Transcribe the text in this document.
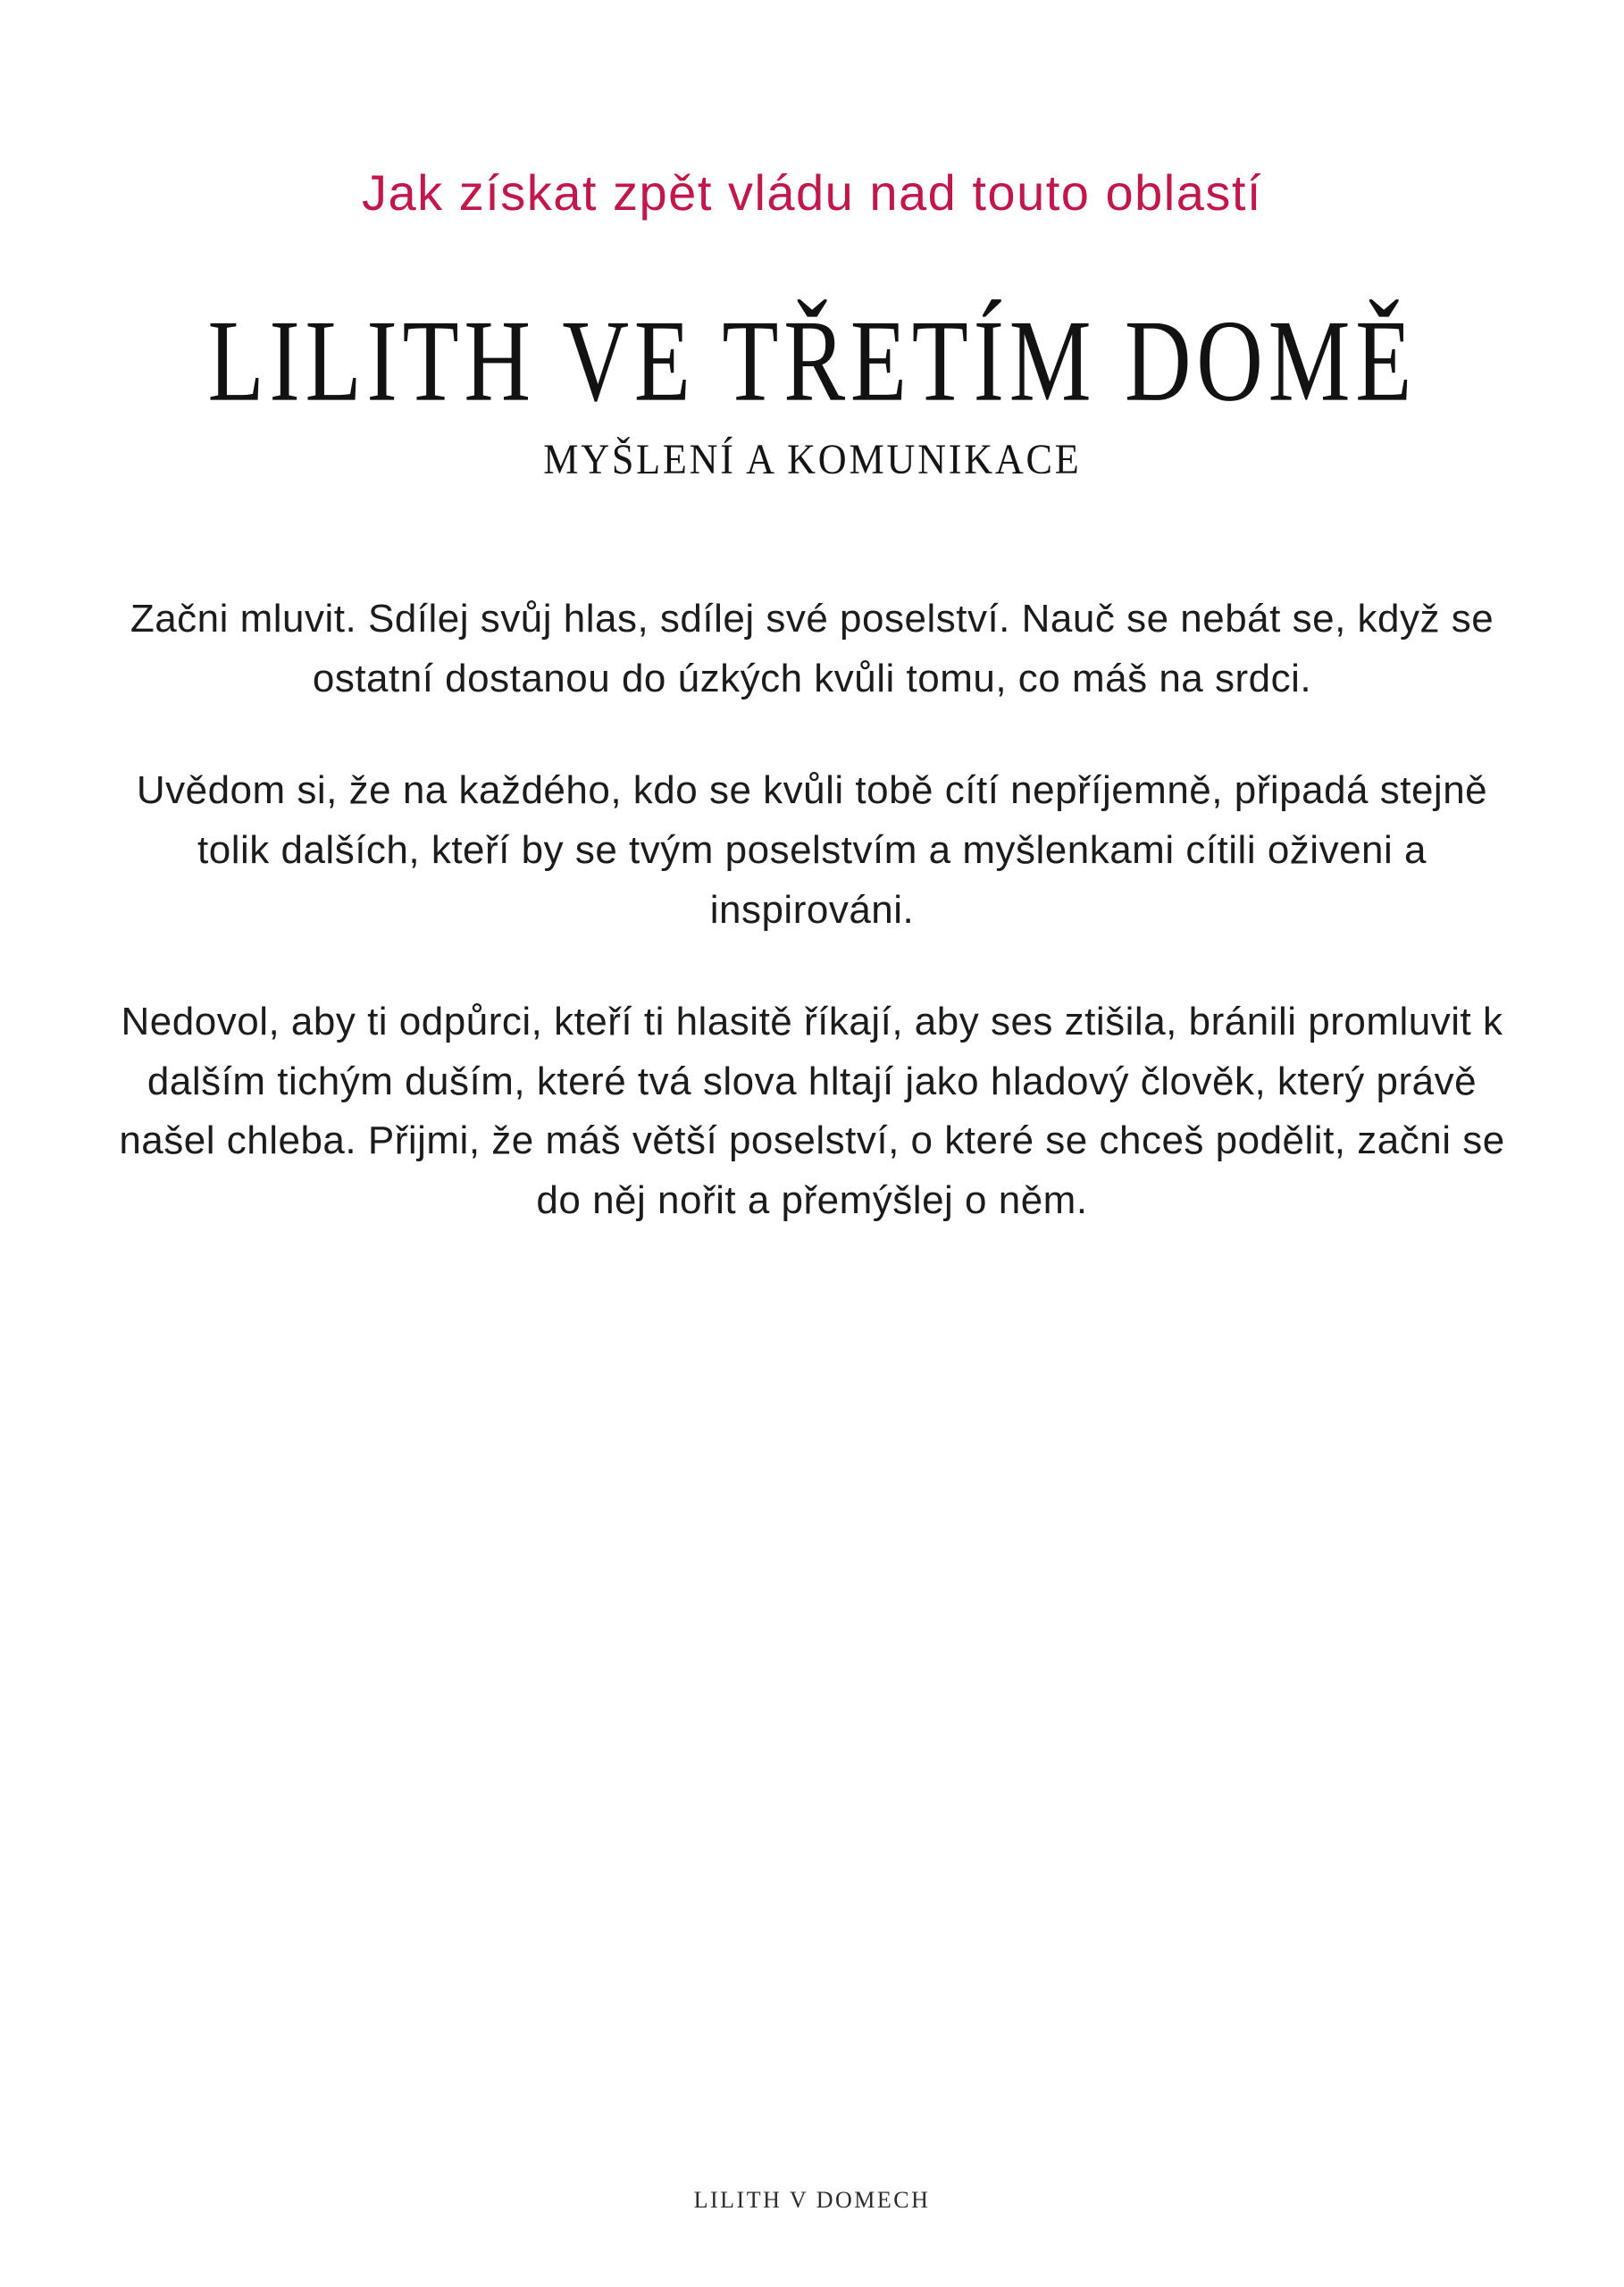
Jak získat zpět vládu nad touto oblastí
LILITH VE TŘETÍM DOMĚ
MYŠLENÍ A KOMUNIKACE

Začni mluvit. Sdílej svůj hlas, sdílej své poselství. Nauč se nebát se, když se ostatní dostanou do úzkých kvůli tomu, co máš na srdci.

Uvědom si, že na každého, kdo se kvůli tobě cítí nepříjemně, připadá stejně tolik dalších, kteří by se tvým poselstvím a myšlenkami cítili oživeni a inspirováni.

Nedovol, aby ti odpůrci, kteří ti hlasitě říkají, aby ses ztišila, bránili promluvit k dalším tichým duším, které tvá slova hltají jako hladový člověk, který právě našel chleba. Přijmi, že máš větší poselství, o které se chceš podělit, začni se do něj nořit a přemýšlej o něm.

LILITH V DOMECH
